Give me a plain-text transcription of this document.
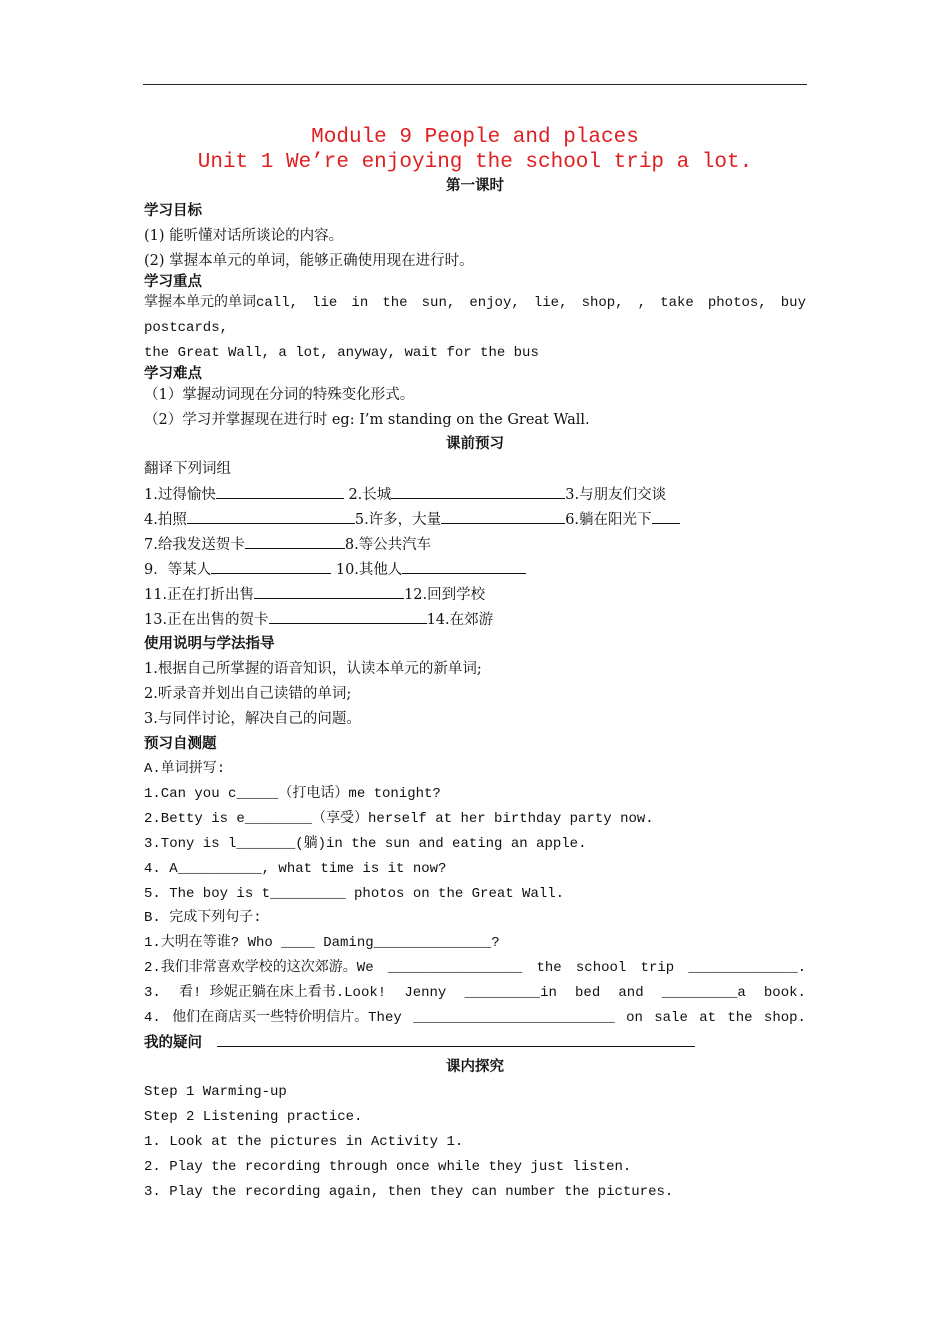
Module 9 People and places
Unit 1 We’re enjoying the school trip a lot.
第一课时
学习目标
(1) 能听懂对话所谈论的内容。
(2) 掌握本单元的单词，能够正确使用现在进行时。
学习重点
掌握本单元的单词call, lie in the sun, enjoy, lie, shop, , take photos, buy
postcards,
the Great Wall, a lot, anyway, wait for the bus
学习难点
（1）掌握动词现在分词的特殊变化形式。
（2）学习并掌握现在进行时 eg: I’m standing on the Great Wall.
课前预习
翻译下列词组
1.过得愉快	2.长城	3.与朋友们交谈
4.拍照	5.许多，大量	6.躺在阳光下
7.给我发送贺卡	8.等公共汽车
9．等某人	10.其他人
11.正在打折出售	12.回到学校
13.正在出售的贺卡	14.在郊游
使用说明与学法指导
1.根据自己所掌握的语音知识，认读本单元的新单词;
2.听录音并划出自己读错的单词;
3.与同伴讨论，解决自己的问题。
预习自测题
A.单词拼写:
1.Can you c_____（打电话）me tonight?
2.Betty is e________（享受）herself at her birthday party now.
3.Tony is l_______(躺)in the sun and eating an apple.
4. A__________, what time is it now?
5. The boy is t_________ photos on the Great Wall.
B. 完成下列句子:
1.大明在等谁? Who ____ Daming______________?
2.我们非常喜欢学校的这次郊游。We ________________ the school trip _____________.
3. 看! 珍妮正躺在床上看书.Look! Jenny _________in bed and _________a book.
4. 他们在商店买一些特价明信片。They ________________________ on sale at the shop.
我的疑问
课内探究
Step 1 Warming-up
Step 2 Listening practice.
1. Look at the pictures in Activity 1.
2. Play the recording through once while they just listen.
3. Play the recording again, then they can number the pictures.
